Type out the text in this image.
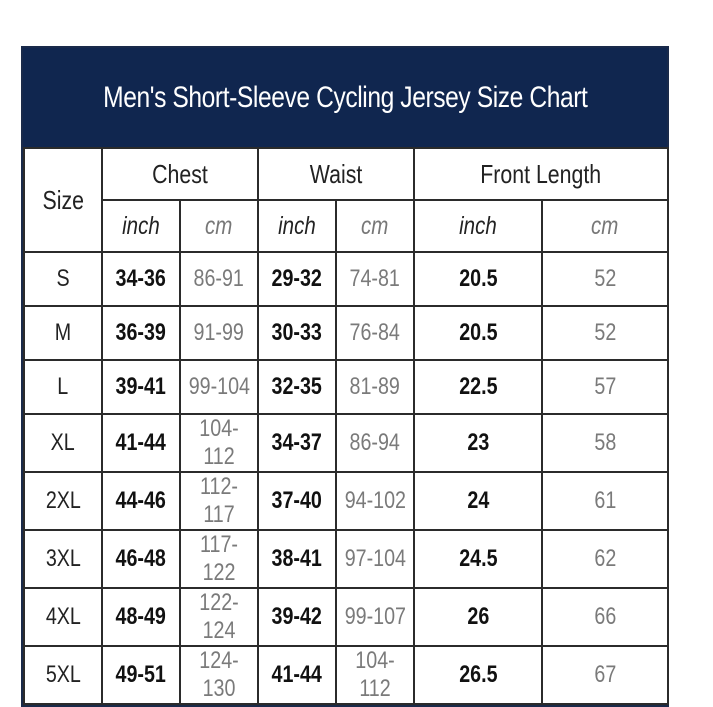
Men's Short-Sleeve Cycling Jersey Size Chart
Size	Chest		Waist		Front Length	
	inch	cm	inch	cm	inch	cm
S	34-36	86-91	29-32	74-81	20.5	52
M	36-39	91-99	30-33	76-84	20.5	52
L	39-41	99-104	32-35	81-89	22.5	57
XL	41-44	104-112	34-37	86-94	23	58
2XL	44-46	112-117	37-40	94-102	24	61
3XL	46-48	117-122	38-41	97-104	24.5	62
4XL	48-49	122-124	39-42	99-107	26	66
5XL	49-51	124-130	41-44	104-112	26.5	67
